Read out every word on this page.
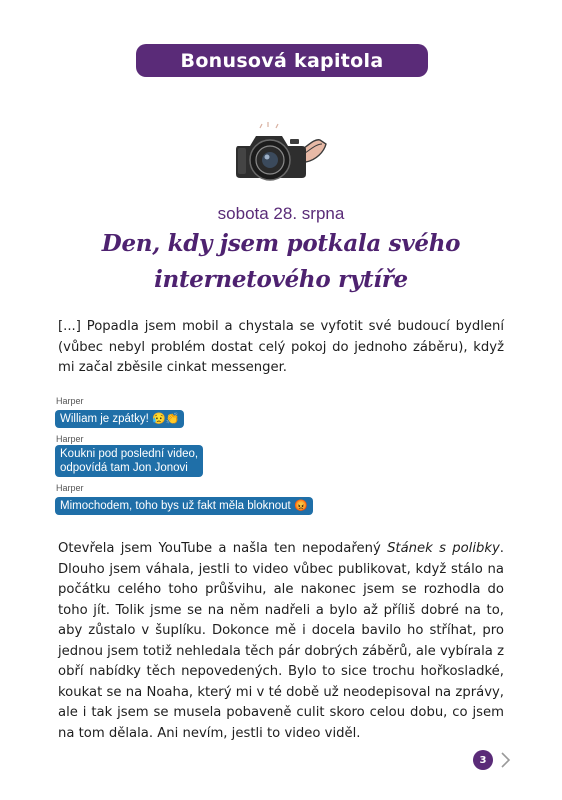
Bonusová kapitola
sobota 28. srpna
Den, kdy jsem potkala svého
internetového rytíře

[...] Popadla jsem mobil a chystala se vyfotit své budoucí bydlení (vůbec nebyl problém dostat celý pokoj do jednoho záběru), když mi začal zběsile cinkat messenger.

Harper
William je zpátky! 😥👏
Harper
Koukni pod poslední video,
odpovídá tam Jon Jonovi
Harper
Mimochodem, toho bys už fakt měla bloknout 😡

Otevřela jsem YouTube a našla ten nepodařený Stánek s polibky. Dlouho jsem váhala, jestli to video vůbec publikovat, když stálo na počátku celého toho průšvihu, ale nakonec jsem se rozhodla do toho jít. Tolik jsme se na něm nadřeli a bylo až příliš dobré na to, aby zůstalo v šuplíku. Dokonce mě i docela bavilo ho stříhat, pro jednou jsem totiž nehledala těch pár dobrých záběrů, ale vybírala z obří nabídky těch nepovedených. Bylo to sice trochu hořkosladké, koukat se na Noaha, který mi v té době už neodepisoval na zprávy, ale i tak jsem se musela pobaveně culit skoro celou dobu, co jsem na tom dělala. Ani nevím, jestli to video viděl.

3
